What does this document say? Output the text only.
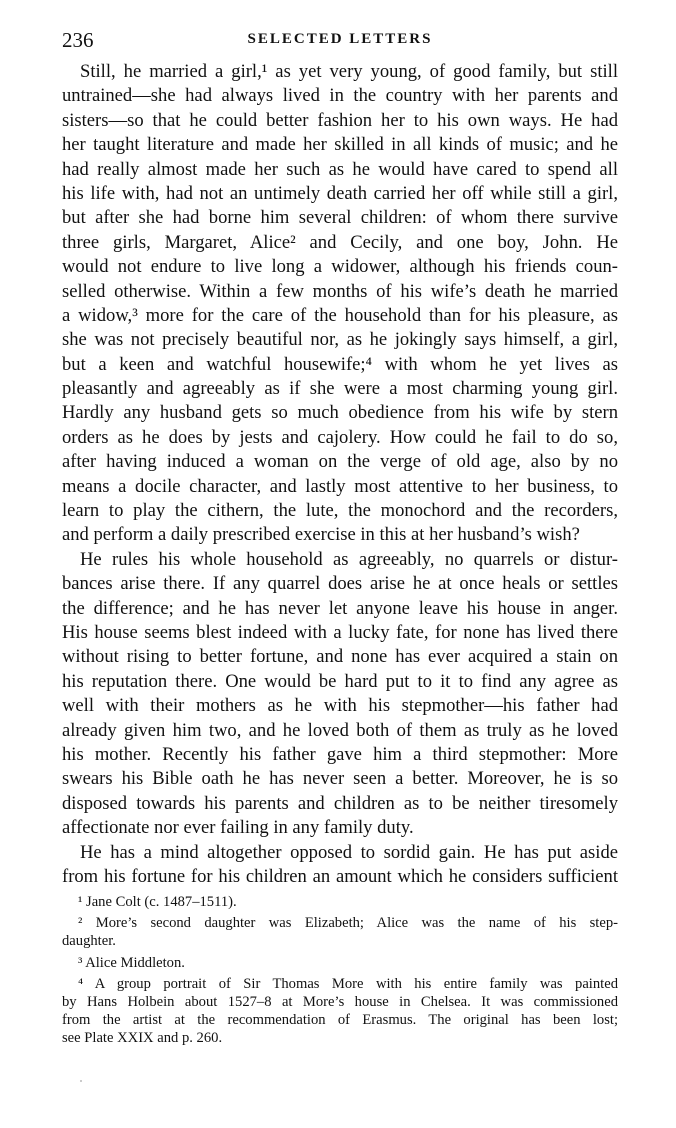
236	SELECTED LETTERS
Still, he married a girl,¹ as yet very young, of good family, but still
untrained—she had always lived in the country with her parents and
sisters—so that he could better fashion her to his own ways. He had
her taught literature and made her skilled in all kinds of music; and he
had really almost made her such as he would have cared to spend all
his life with, had not an untimely death carried her off while still a girl,
but after she had borne him several children: of whom there survive
three girls, Margaret, Alice² and Cecily, and one boy, John. He
would not endure to live long a widower, although his friends coun-
selled otherwise. Within a few months of his wife’s death he married
a widow,³ more for the care of the household than for his pleasure, as
she was not precisely beautiful nor, as he jokingly says himself, a girl,
but a keen and watchful housewife;⁴ with whom he yet lives as
pleasantly and agreeably as if she were a most charming young girl.
Hardly any husband gets so much obedience from his wife by stern
orders as he does by jests and cajolery. How could he fail to do so,
after having induced a woman on the verge of old age, also by no
means a docile character, and lastly most attentive to her business, to
learn to play the cithern, the lute, the monochord and the recorders,
and perform a daily prescribed exercise in this at her husband’s wish?
He rules his whole household as agreeably, no quarrels or distur-
bances arise there. If any quarrel does arise he at once heals or settles
the difference; and he has never let anyone leave his house in anger.
His house seems blest indeed with a lucky fate, for none has lived there
without rising to better fortune, and none has ever acquired a stain on
his reputation there. One would be hard put to it to find any agree as
well with their mothers as he with his stepmother—his father had
already given him two, and he loved both of them as truly as he loved
his mother. Recently his father gave him a third stepmother: More
swears his Bible oath he has never seen a better. Moreover, he is so
disposed towards his parents and children as to be neither tiresomely
affectionate nor ever failing in any family duty.
He has a mind altogether opposed to sordid gain. He has put aside
from his fortune for his children an amount which he considers sufficient
¹ Jane Colt (c. 1487–1511).
² More’s second daughter was Elizabeth; Alice was the name of his step-
daughter.
³ Alice Middleton.
⁴ A group portrait of Sir Thomas More with his entire family was painted
by Hans Holbein about 1527–8 at More’s house in Chelsea. It was commissioned
from the artist at the recommendation of Erasmus. The original has been lost;
see Plate XXIX and p. 260.
